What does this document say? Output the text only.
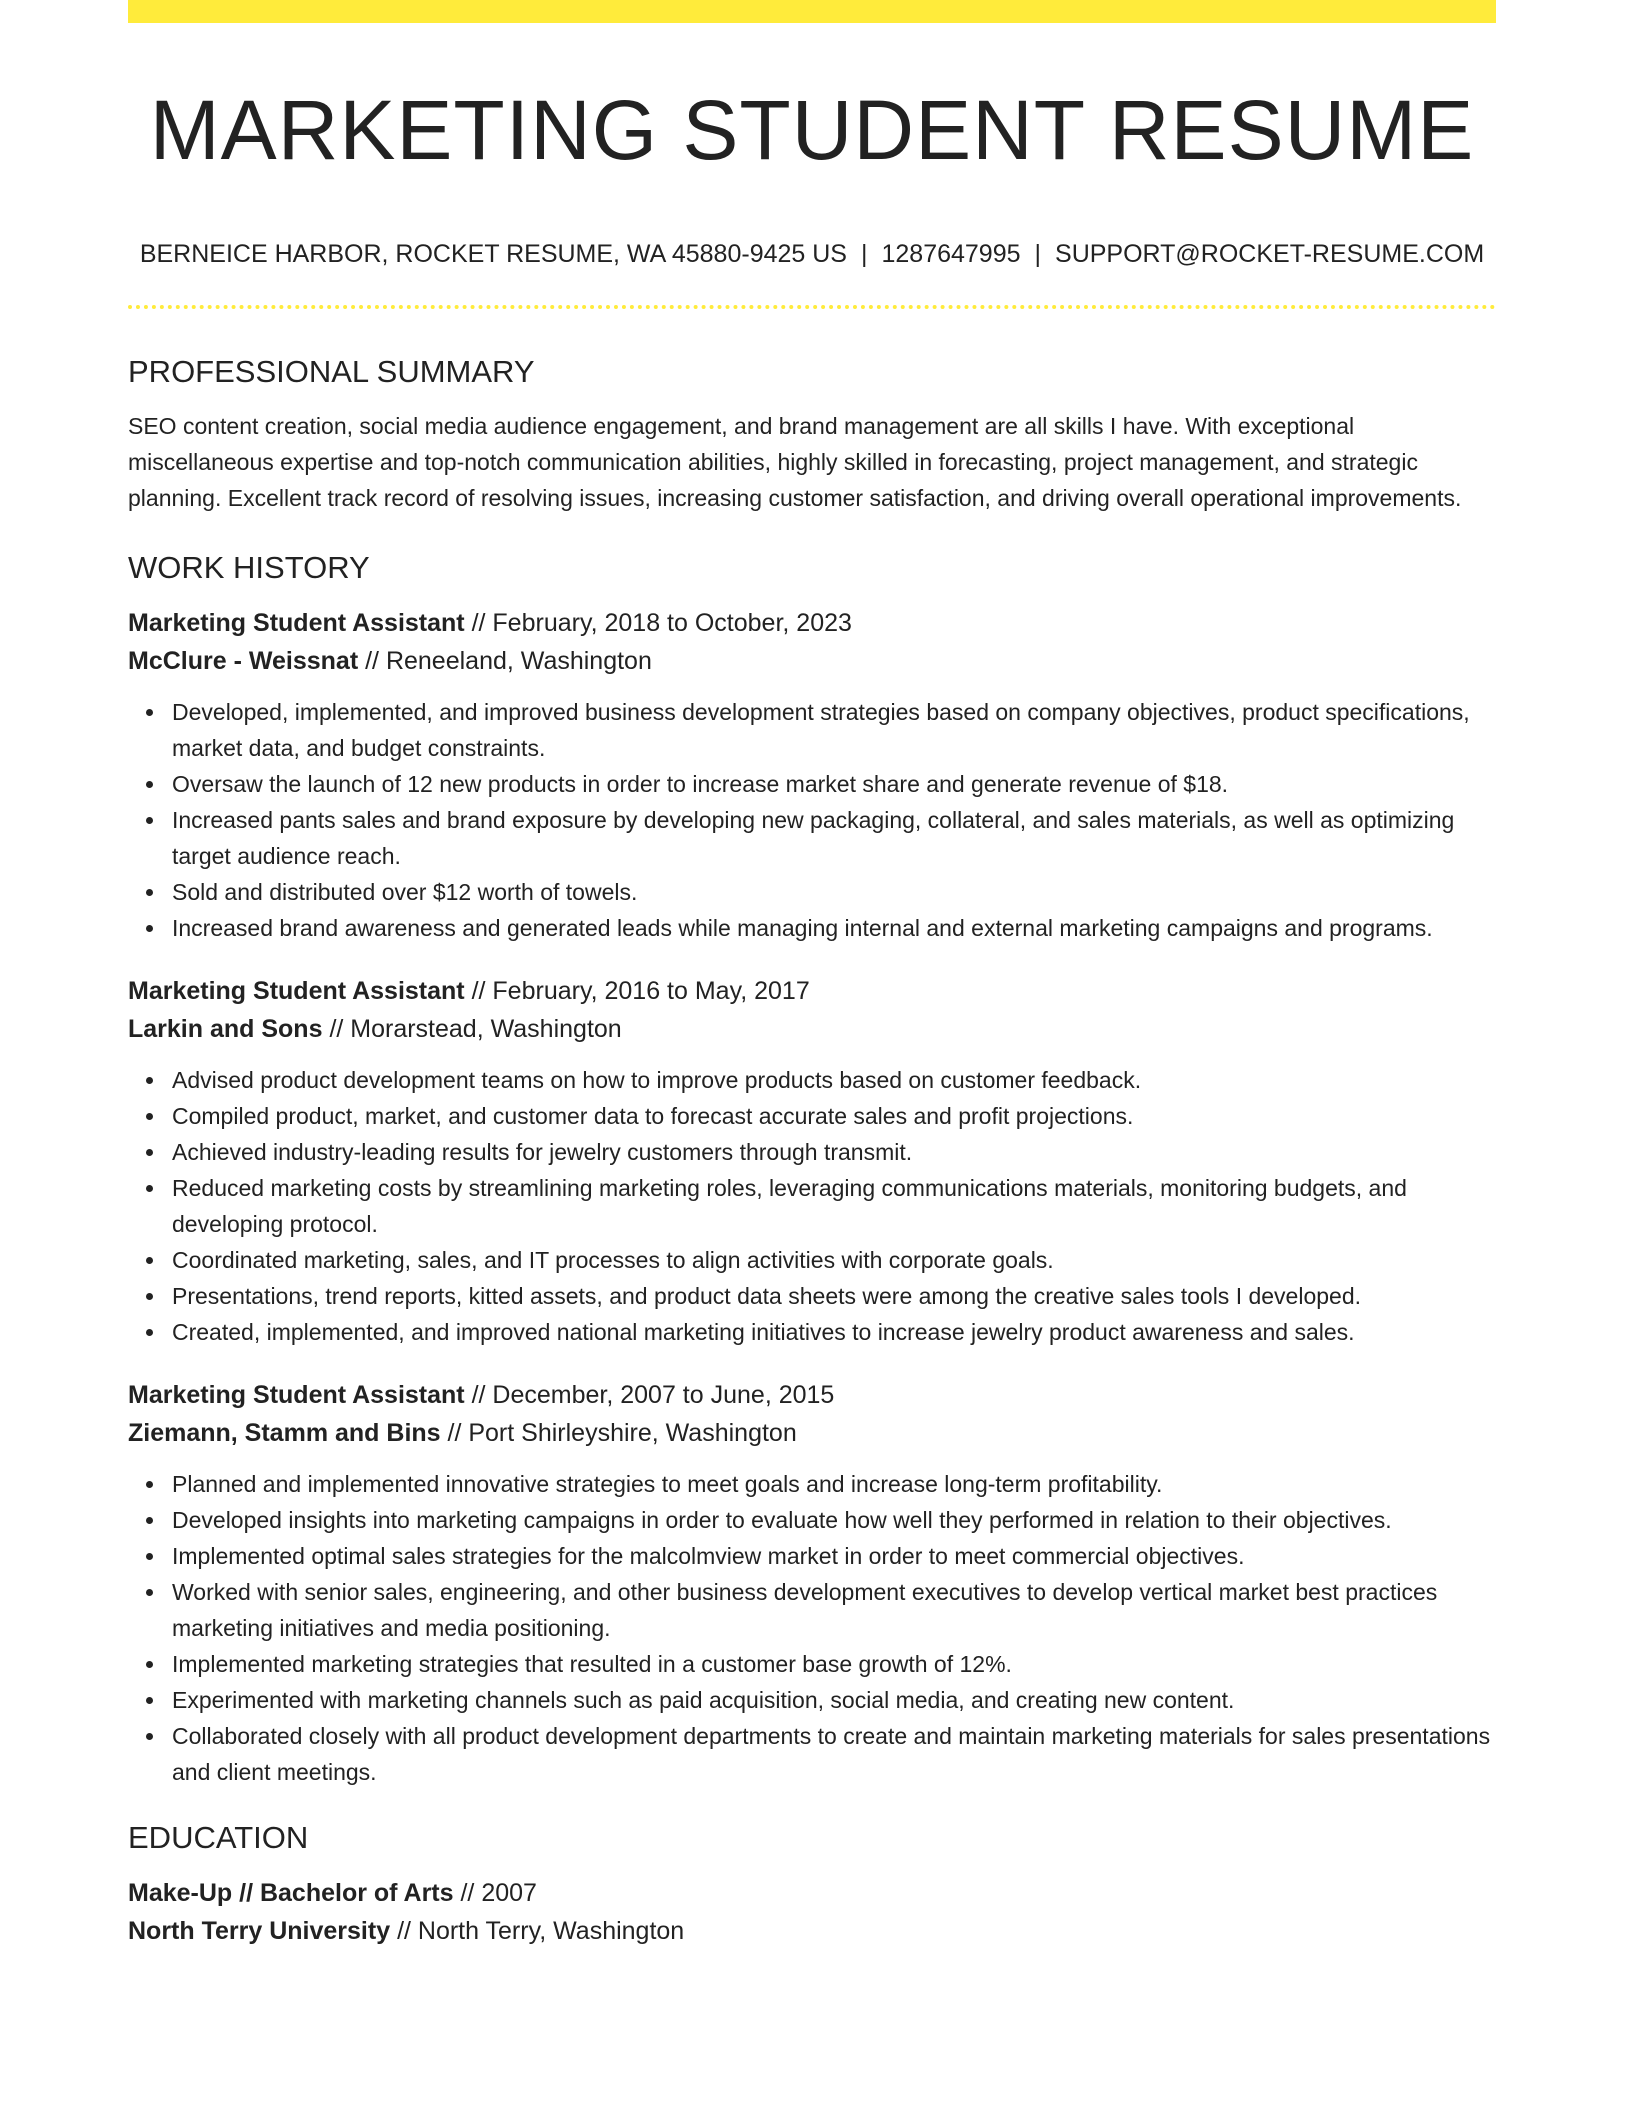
MARKETING STUDENT RESUME
BERNEICE HARBOR, ROCKET RESUME, WA 45880-9425 US | 1287647995 | SUPPORT@ROCKET-RESUME.COM
PROFESSIONAL SUMMARY

SEO content creation, social media audience engagement, and brand management are all skills I have. With exceptional miscellaneous expertise and top-notch communication abilities, highly skilled in forecasting, project management, and strategic planning. Excellent track record of resolving issues, increasing customer satisfaction, and driving overall operational improvements.

WORK HISTORY
Marketing Student Assistant // February, 2018 to October, 2023
McClure - Weissnat // Reneeland, Washington
Developed, implemented, and improved business development strategies based on company objectives, product specifications, market data, and budget constraints.
Oversaw the launch of 12 new products in order to increase market share and generate revenue of $18.
Increased pants sales and brand exposure by developing new packaging, collateral, and sales materials, as well as optimizing target audience reach.
Sold and distributed over $12 worth of towels.
Increased brand awareness and generated leads while managing internal and external marketing campaigns and programs.
Marketing Student Assistant // February, 2016 to May, 2017
Larkin and Sons // Morarstead, Washington
Advised product development teams on how to improve products based on customer feedback.
Compiled product, market, and customer data to forecast accurate sales and profit projections.
Achieved industry-leading results for jewelry customers through transmit.
Reduced marketing costs by streamlining marketing roles, leveraging communications materials, monitoring budgets, and developing protocol.
Coordinated marketing, sales, and IT processes to align activities with corporate goals.
Presentations, trend reports, kitted assets, and product data sheets were among the creative sales tools I developed.
Created, implemented, and improved national marketing initiatives to increase jewelry product awareness and sales.
Marketing Student Assistant // December, 2007 to June, 2015
Ziemann, Stamm and Bins // Port Shirleyshire, Washington
Planned and implemented innovative strategies to meet goals and increase long-term profitability.
Developed insights into marketing campaigns in order to evaluate how well they performed in relation to their objectives.
Implemented optimal sales strategies for the malcolmview market in order to meet commercial objectives.
Worked with senior sales, engineering, and other business development executives to develop vertical market best practices marketing initiatives and media positioning.
Implemented marketing strategies that resulted in a customer base growth of 12%.
Experimented with marketing channels such as paid acquisition, social media, and creating new content.
Collaborated closely with all product development departments to create and maintain marketing materials for sales presentations and client meetings.
EDUCATION
Make-Up // Bachelor of Arts // 2007
North Terry University // North Terry, Washington
